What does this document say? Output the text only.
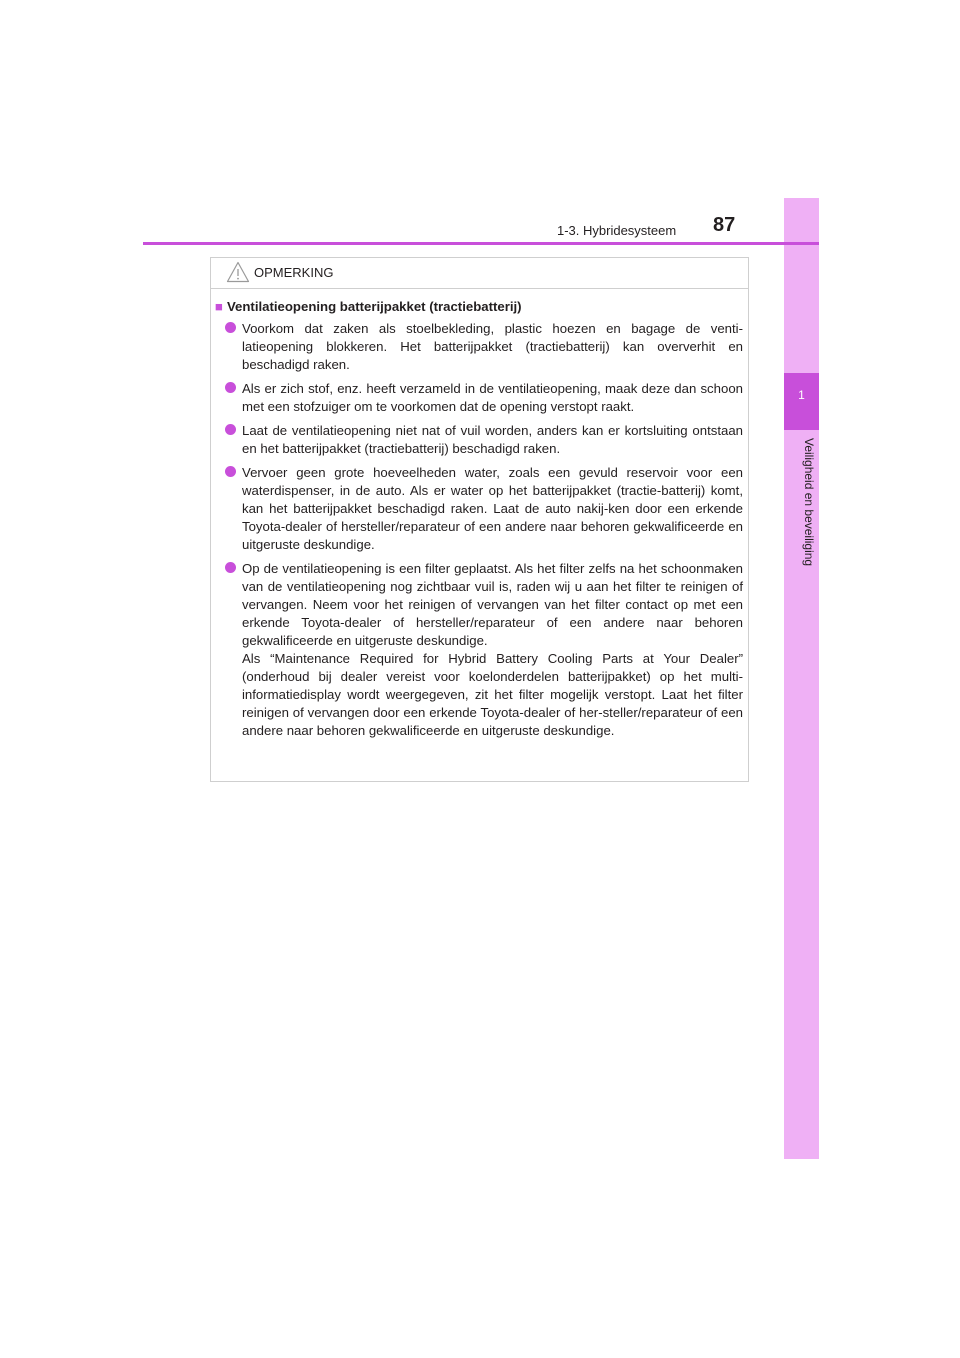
1
Veiligheid en beveiliging
1-3. Hybridesysteem 87
OPMERKING
■ Ventilatieopening batterijpakket (tractiebatterij)

Voorkom dat zaken als stoelbekleding, plastic hoezen en bagage de venti-latieopening blokkeren. Het batterijpakket (tractiebatterij) kan oververhit en beschadigd raken.

Als er zich stof, enz. heeft verzameld in de ventilatieopening, maak deze dan schoon met een stofzuiger om te voorkomen dat de opening verstopt raakt.

Laat de ventilatieopening niet nat of vuil worden, anders kan er kortsluiting ontstaan en het batterijpakket (tractiebatterij) beschadigd raken.

Vervoer geen grote hoeveelheden water, zoals een gevuld reservoir voor een waterdispenser, in de auto. Als er water op het batterijpakket (tractie-batterij) komt, kan het batterijpakket beschadigd raken. Laat de auto nakij-ken door een erkende Toyota-dealer of hersteller/reparateur of een andere naar behoren gekwalificeerde en uitgeruste deskundige.

Op de ventilatieopening is een filter geplaatst. Als het filter zelfs na het schoonmaken van de ventilatieopening nog zichtbaar vuil is, raden wij u aan het filter te reinigen of vervangen. Neem voor het reinigen of vervangen van het filter contact op met een erkende Toyota-dealer of hersteller/reparateur of een andere naar behoren gekwalificeerde en uitgeruste deskundige.
Als “Maintenance Required for Hybrid Battery Cooling Parts at Your Dealer” (onderhoud bij dealer vereist voor koelonderdelen batterijpakket) op het multi-informatiedisplay wordt weergegeven, zit het filter mogelijk verstopt. Laat het filter reinigen of vervangen door een erkende Toyota-dealer of her-steller/reparateur of een andere naar behoren gekwalificeerde en uitgeruste deskundige.
